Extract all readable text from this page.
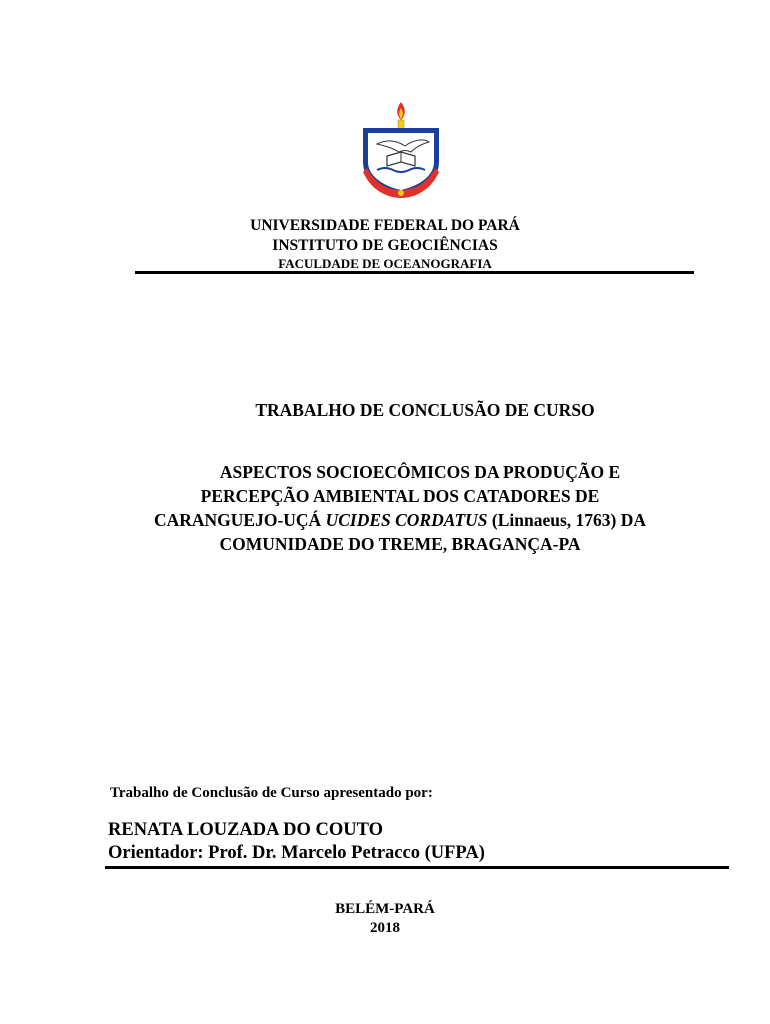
UNIVERSIDADE FEDERAL DO PARÁ
INSTITUTO DE GEOCIÊNCIAS
FACULDADE DE OCEANOGRAFIA
TRABALHO DE CONCLUSÃO DE CURSO
ASPECTOS SOCIOECÔMICOS DA PRODUÇÃO E
PERCEPÇÃO AMBIENTAL DOS CATADORES DE
CARANGUEJO-UÇÁ UCIDES CORDATUS (Linnaeus, 1763) DA
COMUNIDADE DO TREME, BRAGANÇA-PA
Trabalho de Conclusão de Curso apresentado por:
RENATA LOUZADA DO COUTO
Orientador: Prof. Dr. Marcelo Petracco (UFPA)
BELÉM-PARÁ
2018
